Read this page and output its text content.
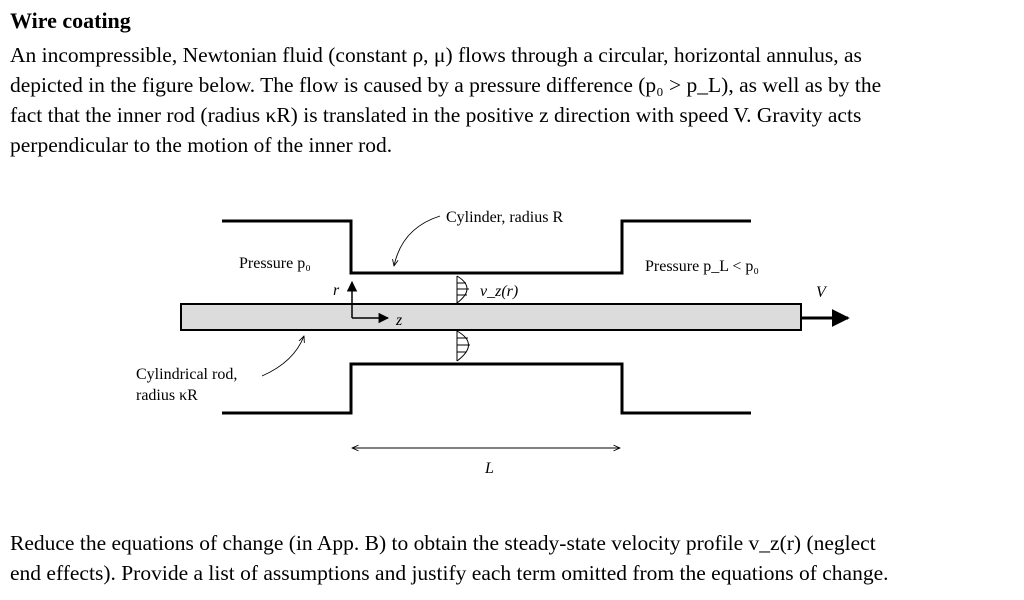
Wire coating
An incompressible, Newtonian fluid (constant ρ, μ) flows through a circular, horizontal annulus, as
depicted in the figure below. The flow is caused by a pressure difference (p₀ > p_L), as well as by the
fact that the inner rod (radius κR) is translated in the positive z direction with speed V. Gravity acts
perpendicular to the motion of the inner rod.
Cylinder, radius R
Pressure p₀	Pressure p_L < p₀
v_z(r)
r
z
V
Cylindrical rod,
radius κR
L
Reduce the equations of change (in App. B) to obtain the steady-state velocity profile v_z(r) (neglect
end effects). Provide a list of assumptions and justify each term omitted from the equations of change.
